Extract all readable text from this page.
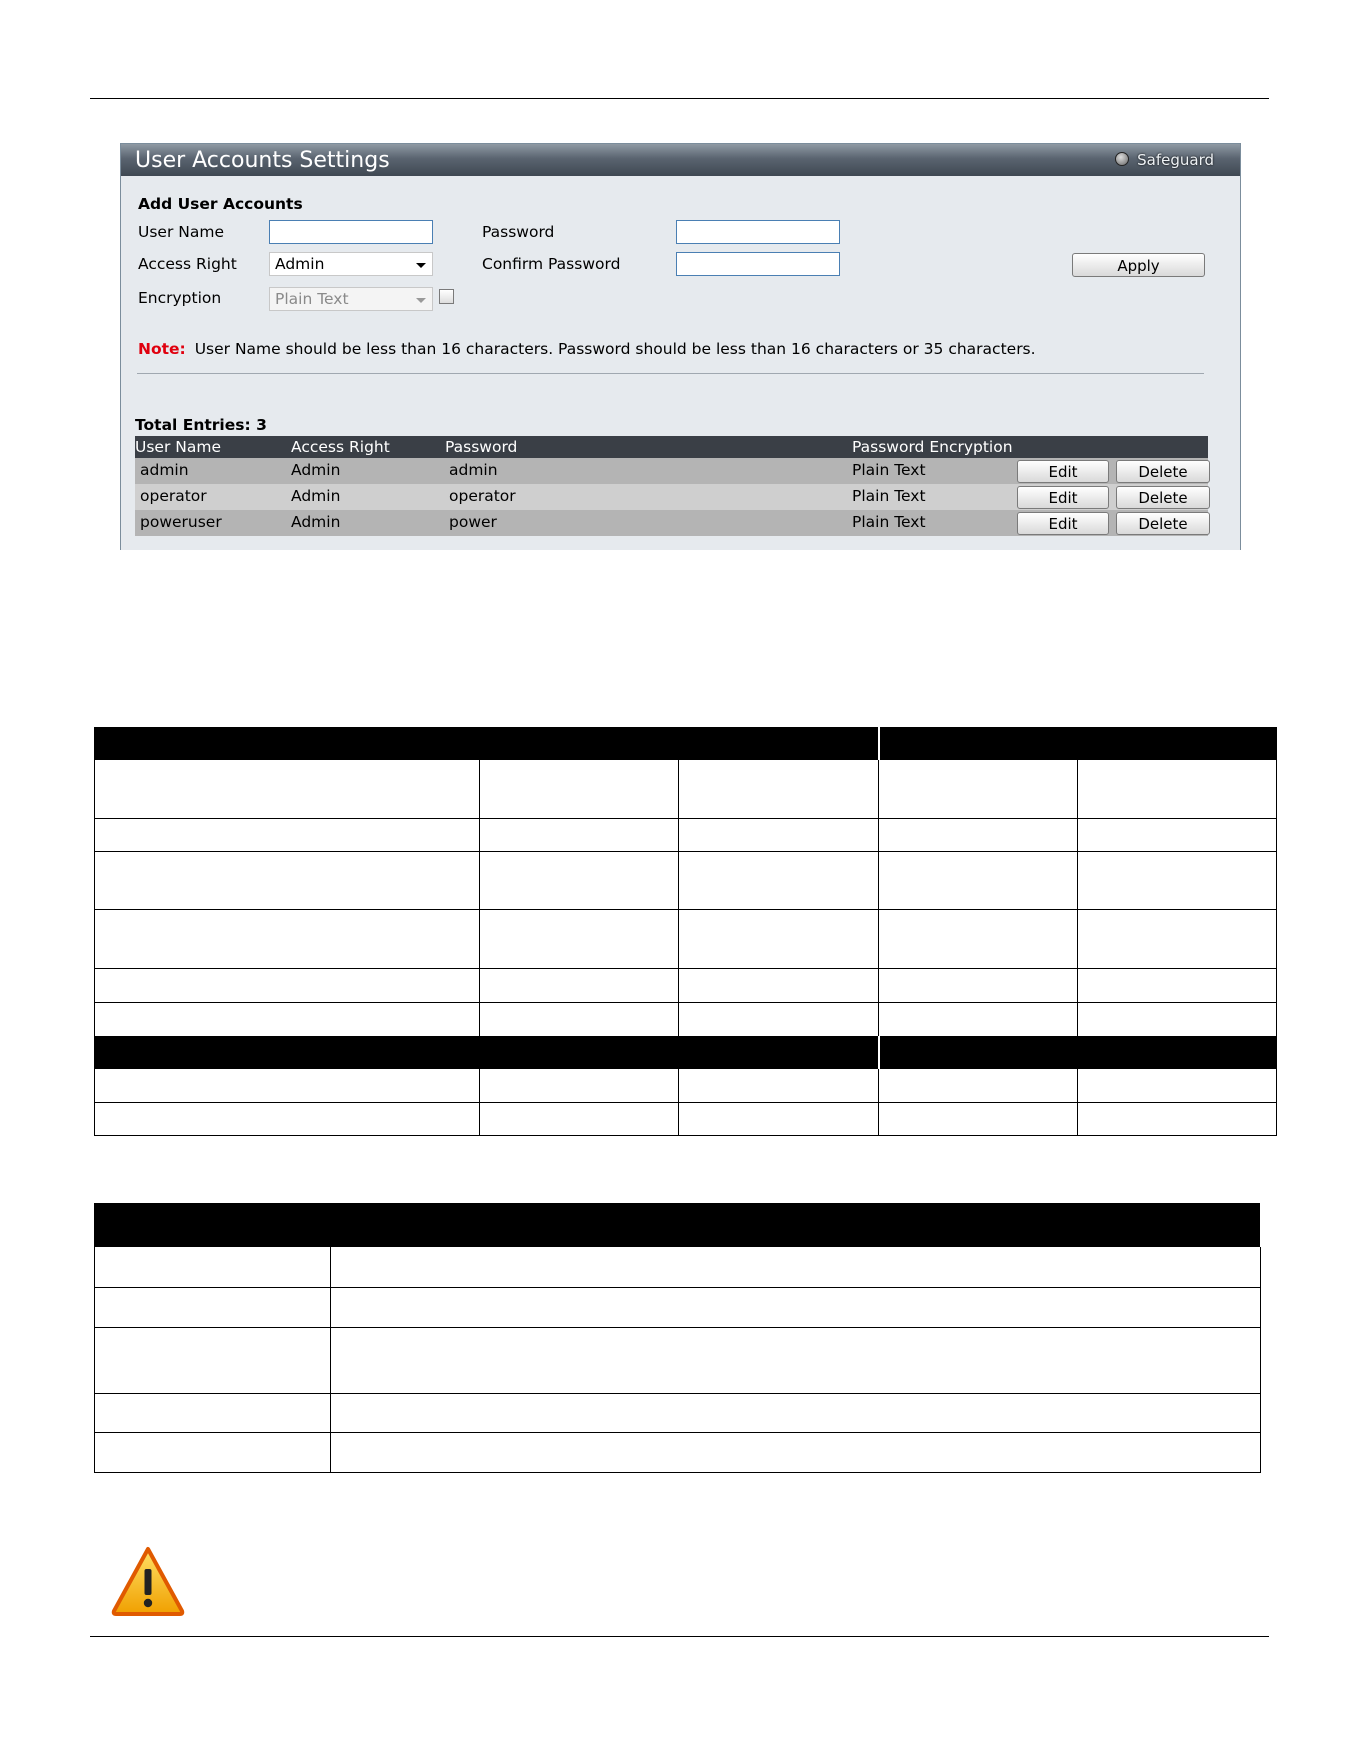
User Accounts Settings	Safeguard
Add User Accounts
User Name	Password
Access Right	Admin	Confirm Password	Apply
Encryption	Plain Text
Note: User Name should be less than 16 characters. Password should be less than 16 characters or 35 characters.
Total Entries: 3
User Name	Access Right	Password	Password Encryption
admin	Admin	admin	Plain Text	Edit	Delete
operator	Admin	operator	Plain Text	Edit	Delete
poweruser	Admin	power	Plain Text	Edit	Delete
